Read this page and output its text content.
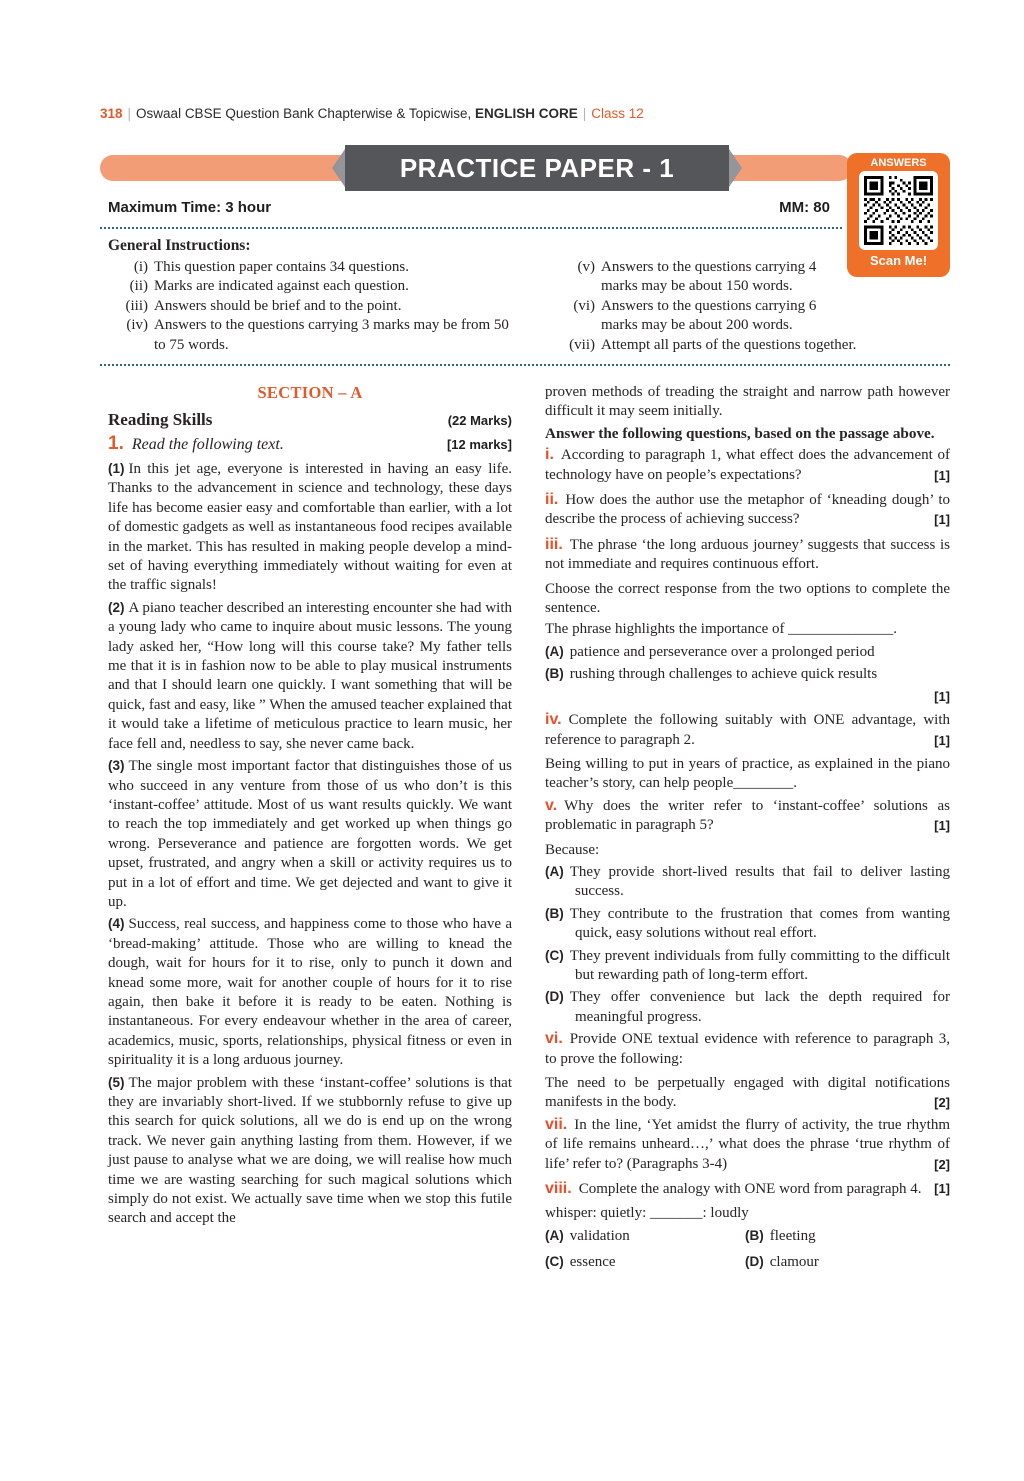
318 | Oswaal CBSE Question Bank Chapterwise & Topicwise, ENGLISH CORE | Class 12
PRACTICE PAPER - 1	ANSWERS
Scan Me!
Maximum Time: 3 hour	MM: 80

General Instructions:

(i) This question paper contains 34 questions.

(ii) Marks are indicated against each question.

(iii) Answers should be brief and to the point.

(iv) Answers to the questions carrying 3 marks may be from 50 to 75 words.

(v) Answers to the questions carrying 4 marks may be about 150 words.

(vi) Answers to the questions carrying 6 marks may be about 200 words.

(vii) Attempt all parts of the questions together.

SECTION – A

Reading Skills	(22 Marks)
1. Read the following text.	[12 marks]

(1) In this jet age, everyone is interested in having an easy life. Thanks to the advancement in science and technology, these days life has become easier easy and comfortable than earlier, with a lot of domestic gadgets as well as instantaneous food recipes available in the market. This has resulted in making people develop a mind-set of having everything immediately without waiting for even at the traffic signals!

(2) A piano teacher described an interesting encounter she had with a young lady who came to inquire about music lessons. The young lady asked her, “How long will this course take? My father tells me that it is in fashion now to be able to play musical instruments and that I should learn one quickly. I want something that will be quick, fast and easy, like ” When the amused teacher explained that it would take a lifetime of meticulous practice to learn music, her face fell and, needless to say, she never came back.

(3) The single most important factor that distinguishes those of us who succeed in any venture from those of us who don’t is this ‘instant-coffee’ attitude. Most of us want results quickly. We want to reach the top immediately and get worked up when things go wrong. Perseverance and patience are forgotten words. We get upset, frustrated, and angry when a skill or activity requires us to put in a lot of effort and time. We get dejected and want to give it up.

(4) Success, real success, and happiness come to those who have a ‘bread-making’ attitude. Those who are willing to knead the dough, wait for hours for it to rise, only to punch it down and knead some more, wait for another couple of hours for it to rise again, then bake it before it is ready to be eaten. Nothing is instantaneous. For every endeavour whether in the area of career, academics, music, sports, relationships, physical fitness or even in spirituality it is a long arduous journey.

(5) The major problem with these ‘instant-coffee’ solutions is that they are invariably short-lived. If we stubbornly refuse to give up this search for quick solutions, all we do is end up on the wrong track. We never gain anything lasting from them. However, if we just pause to analyse what we are doing, we will realise how much time we are wasting searching for such magical solutions which simply do not exist. We actually save time when we stop this futile search and accept the

proven methods of treading the straight and narrow path however difficult it may seem initially.

Answer the following questions, based on the passage above.

i. According to paragraph 1, what effect does the advancement of technology have on people’s expectations?	[1]

ii. How does the author use the metaphor of ‘kneading dough’ to describe the process of achieving success?	[1]

iii. The phrase ‘the long arduous journey’ suggests that success is not immediate and requires continuous effort.

Choose the correct response from the two options to complete the sentence.

The phrase highlights the importance of ______________.

(A) patience and perseverance over a prolonged period

(B) rushing through challenges to achieve quick results

[1]

iv. Complete the following suitably with ONE advantage, with reference to paragraph 2.	[1]

Being willing to put in years of practice, as explained in the piano teacher’s story, can help people________.

v. Why does the writer refer to ‘instant-coffee’ solutions as problematic in paragraph 5?	[1]

Because:

(A) They provide short-lived results that fail to deliver lasting success.

(B) They contribute to the frustration that comes from wanting quick, easy solutions without real effort.

(C) They prevent individuals from fully committing to the difficult but rewarding path of long-term effort.

(D) They offer convenience but lack the depth required for meaningful progress.

vi. Provide ONE textual evidence with reference to paragraph 3, to prove the following:

The need to be perpetually engaged with digital notifications manifests in the body.	[2]

vii. In the line, ‘Yet amidst the flurry of activity, the true rhythm of life remains unheard…,’ what does the phrase ‘true rhythm of life’ refer to? (Paragraphs 3-4)	[2]

viii. Complete the analogy with ONE word from paragraph 4. [1]

whisper: quietly: _______: loudly

(A) validation	(B) fleeting

(C) essence	(D) clamour
